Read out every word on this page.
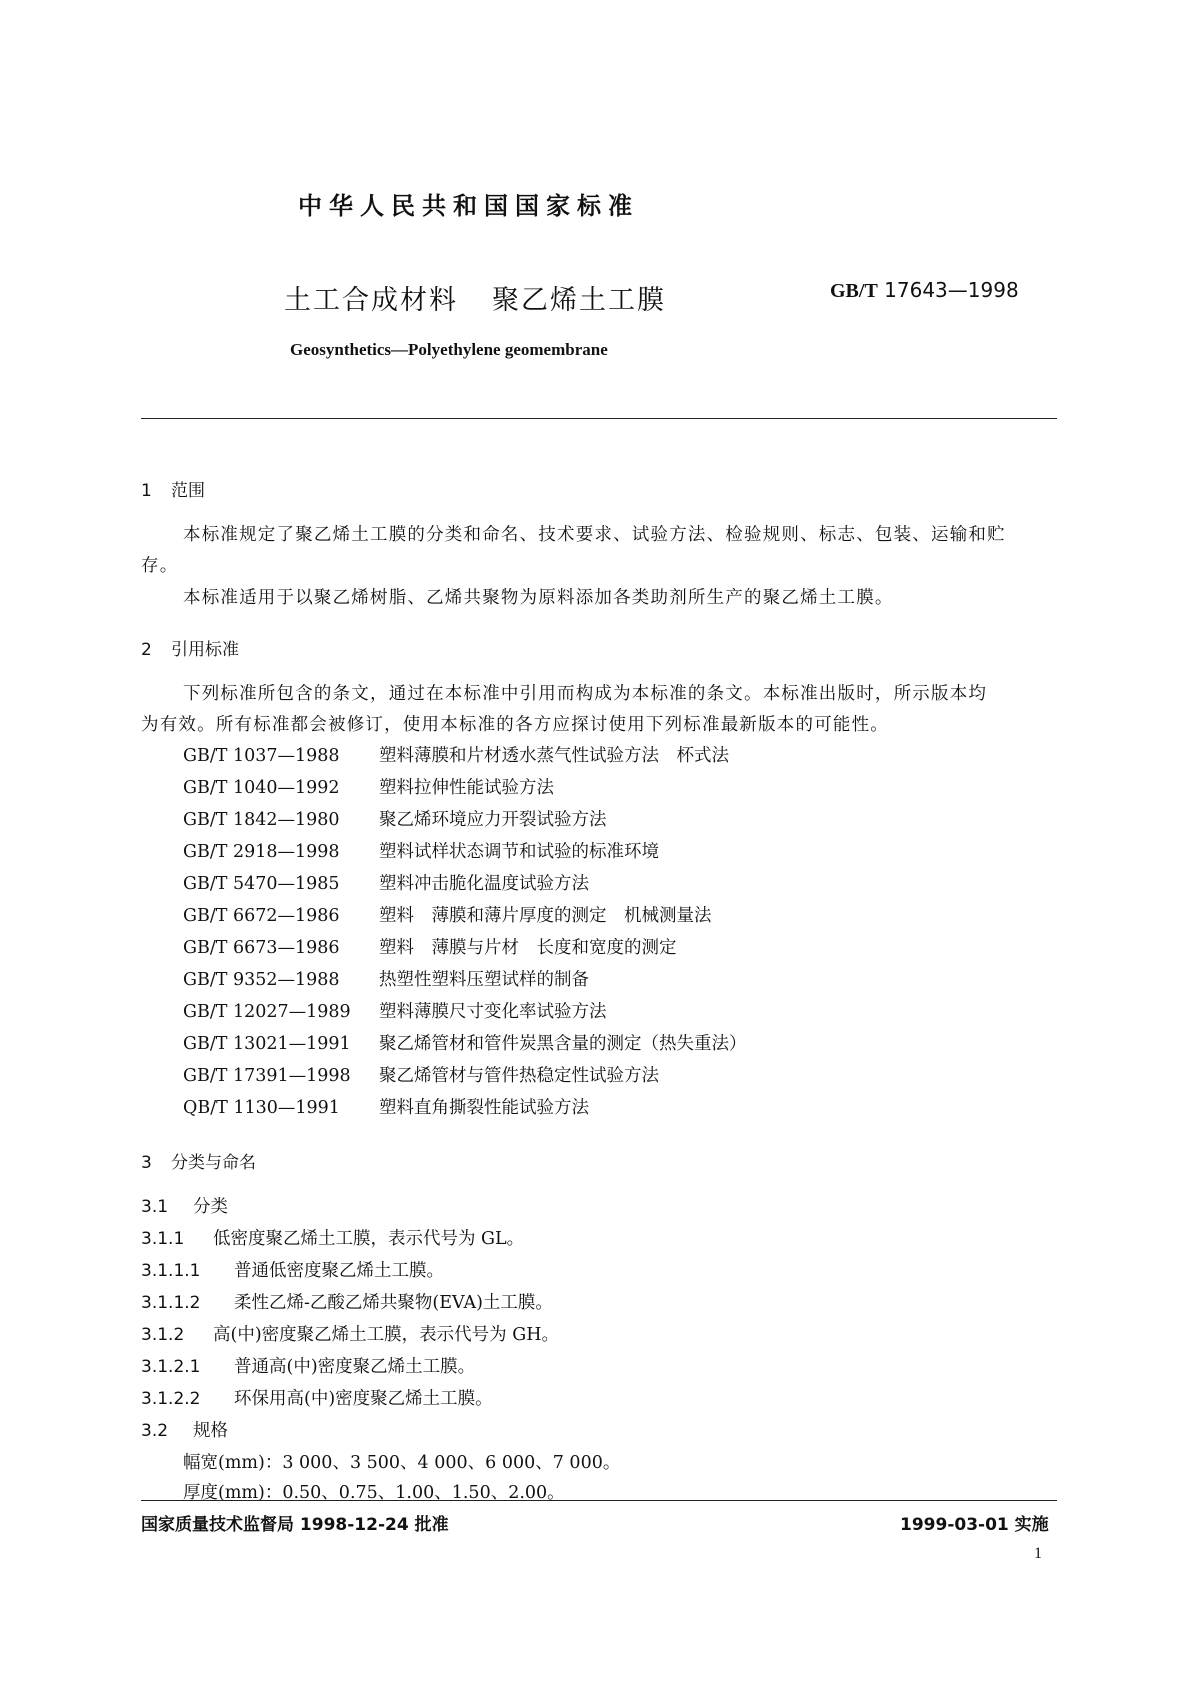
中华人民共和国国家标准
土工合成材料 聚乙烯土工膜	GB/T 17643—1998
Geosynthetics—Polyethylene geomembrane
1 范围
本标准规定了聚乙烯土工膜的分类和命名、技术要求、试验方法、检验规则、标志、包装、运输和贮
存。
本标准适用于以聚乙烯树脂、乙烯共聚物为原料添加各类助剂所生产的聚乙烯土工膜。
2 引用标准
下列标准所包含的条文，通过在本标准中引用而构成为本标准的条文。本标准出版时，所示版本均
为有效。所有标准都会被修订，使用本标准的各方应探讨使用下列标准最新版本的可能性。
GB/T 1037—1988 塑料薄膜和片材透水蒸气性试验方法　杯式法
GB/T 1040—1992 塑料拉伸性能试验方法
GB/T 1842—1980 聚乙烯环境应力开裂试验方法
GB/T 2918—1998 塑料试样状态调节和试验的标准环境
GB/T 5470—1985 塑料冲击脆化温度试验方法
GB/T 6672—1986 塑料　薄膜和薄片厚度的测定　机械测量法
GB/T 6673—1986 塑料　薄膜与片材　长度和宽度的测定
GB/T 9352—1988 热塑性塑料压塑试样的制备
GB/T 12027—1989 塑料薄膜尺寸变化率试验方法
GB/T 13021—1991 聚乙烯管材和管件炭黑含量的测定（热失重法）
GB/T 17391—1998 聚乙烯管材与管件热稳定性试验方法
QB/T 1130—1991 塑料直角撕裂性能试验方法
3 分类与命名
3.1 分类
3.1.1 低密度聚乙烯土工膜，表示代号为 GL。
3.1.1.1 普通低密度聚乙烯土工膜。
3.1.1.2 柔性乙烯-乙酸乙烯共聚物(EVA)土工膜。
3.1.2 高(中)密度聚乙烯土工膜，表示代号为 GH。
3.1.2.1 普通高(中)密度聚乙烯土工膜。
3.1.2.2 环保用高(中)密度聚乙烯土工膜。
3.2 规格
幅宽(mm)：3 000、3 500、4 000、6 000、7 000。
厚度(mm)：0.50、0.75、1.00、1.50、2.00。
国家质量技术监督局 1998-12-24 批准	1999-03-01 实施
1
